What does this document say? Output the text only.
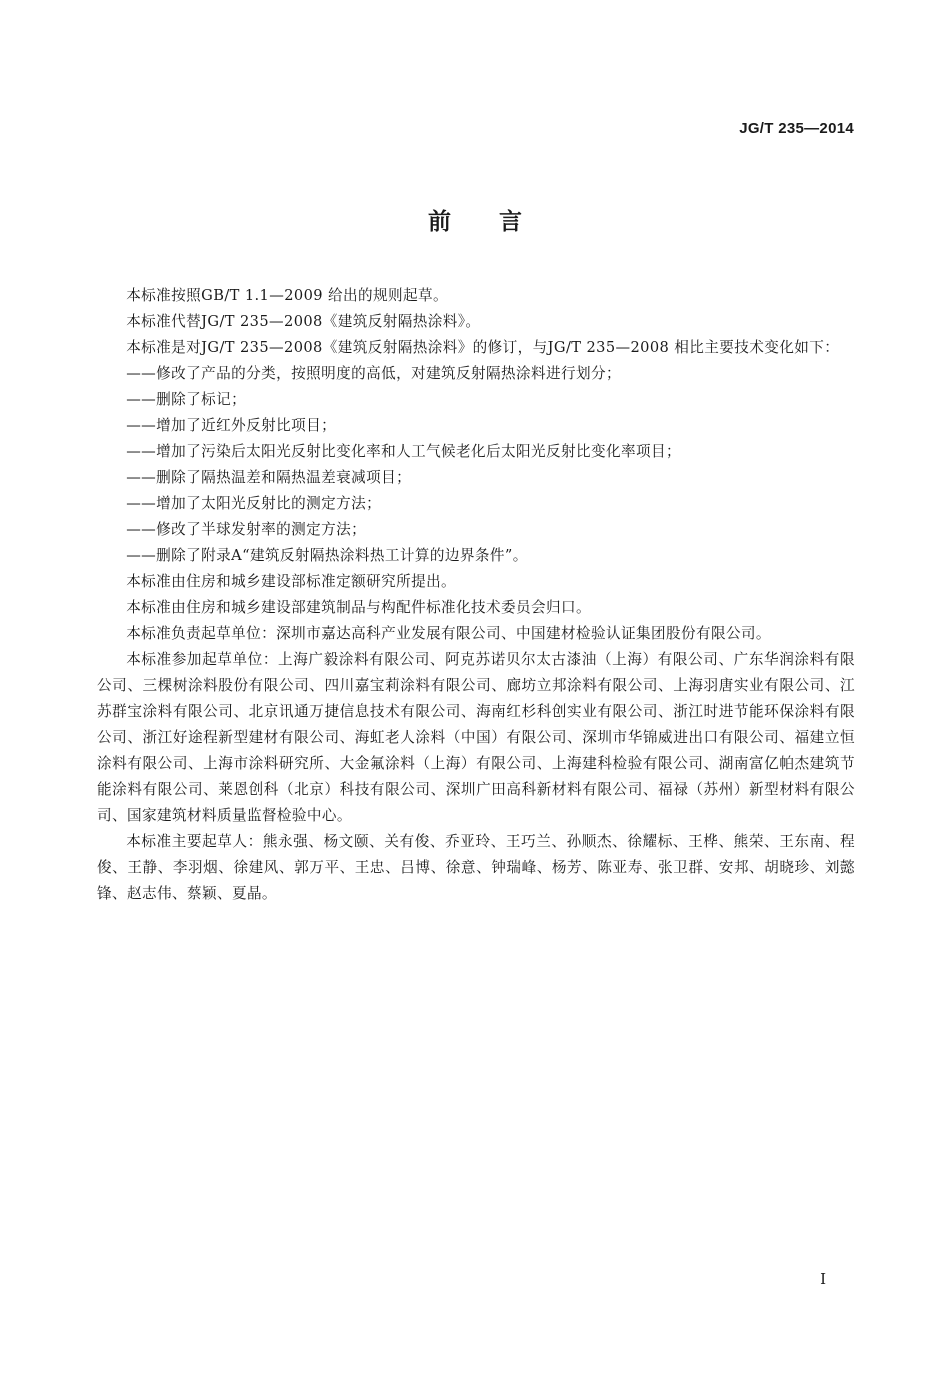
JG/T 235—2014
前言

本标准按照GB/T 1.1—2009 给出的规则起草。

本标准代替JG/T 235—2008《建筑反射隔热涂料》。

本标准是对JG/T 235—2008《建筑反射隔热涂料》的修订，与JG/T 235—2008 相比主要技术变化如下：

——修改了产品的分类，按照明度的高低，对建筑反射隔热涂料进行划分；

——删除了标记；

——增加了近红外反射比项目；

——增加了污染后太阳光反射比变化率和人工气候老化后太阳光反射比变化率项目；

——删除了隔热温差和隔热温差衰减项目；

——增加了太阳光反射比的测定方法；

——修改了半球发射率的测定方法；

——删除了附录A“建筑反射隔热涂料热工计算的边界条件”。

本标准由住房和城乡建设部标准定额研究所提出。

本标准由住房和城乡建设部建筑制品与构配件标准化技术委员会归口。

本标准负责起草单位：深圳市嘉达高科产业发展有限公司、中国建材检验认证集团股份有限公司。

本标准参加起草单位：上海广毅涂料有限公司、阿克苏诺贝尔太古漆油（上海）有限公司、广东华润涂料有限公司、三棵树涂料股份有限公司、四川嘉宝莉涂料有限公司、廊坊立邦涂料有限公司、上海羽唐实业有限公司、江苏群宝涂料有限公司、北京讯通万捷信息技术有限公司、海南红杉科创实业有限公司、浙江时进节能环保涂料有限公司、浙江好途程新型建材有限公司、海虹老人涂料（中国）有限公司、深圳市华锦威进出口有限公司、福建立恒涂料有限公司、上海市涂料研究所、大金氟涂料（上海）有限公司、上海建科检验有限公司、湖南富亿帕杰建筑节能涂料有限公司、莱恩创科（北京）科技有限公司、深圳广田高科新材料有限公司、福禄（苏州）新型材料有限公司、国家建筑材料质量监督检验中心。

本标准主要起草人：熊永强、杨文颐、关有俊、乔亚玲、王巧兰、孙顺杰、徐耀标、王桦、熊荣、王东南、程俊、王静、李羽烟、徐建风、郭万平、王忠、吕博、徐意、钟瑞峰、杨芳、陈亚寿、张卫群、安邦、胡晓珍、刘懿锋、赵志伟、蔡颖、夏晶。

I
